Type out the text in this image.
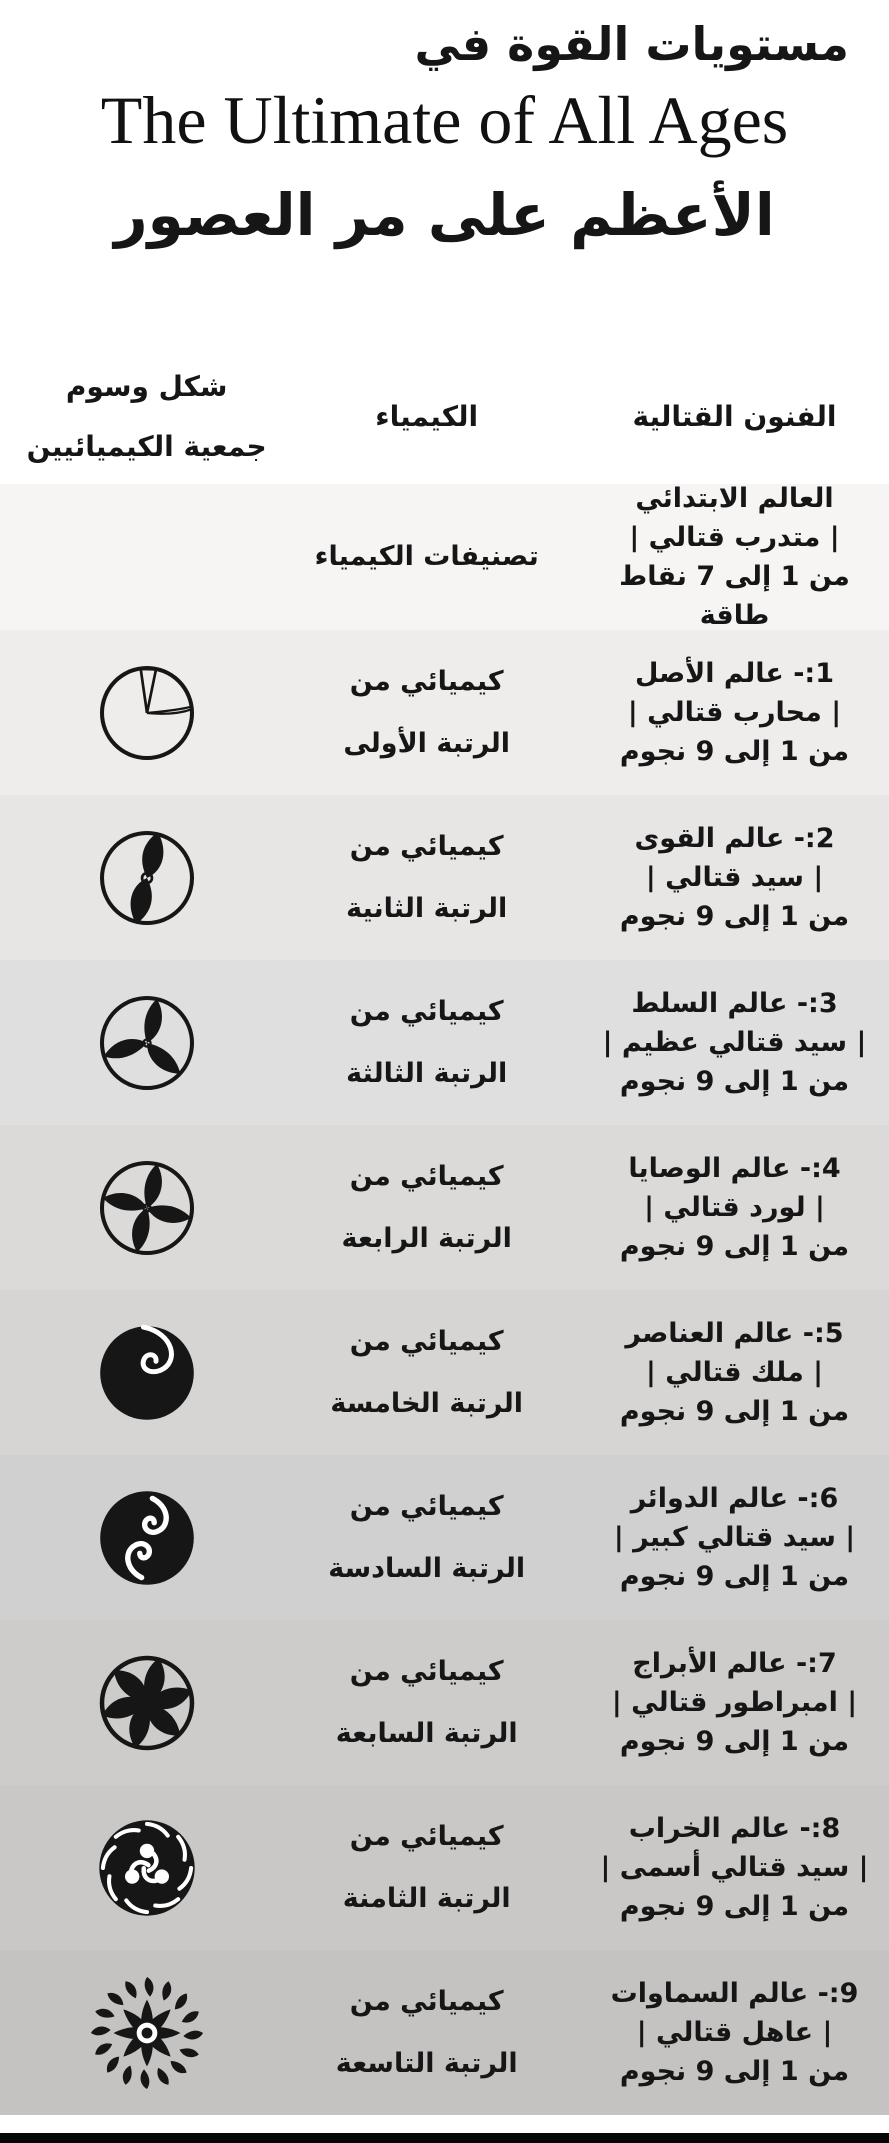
مستويات القوة في
The Ultimate of All Ages
الأعظم على مر العصور
شكل وسوم
جمعية الكيميائيين
الكيمياء	الفنون القتالية
تصنيفات الكيمياء
العالم الابتدائي
| متدرب قتالي |
من 1 إلى 7 نقاط طاقة
كيميائي من
الرتبة الأولى
1:- عالم الأصل
| محارب قتالي |
من 1 إلى 9 نجوم
كيميائي من
الرتبة الثانية
2:- عالم القوى
| سيد قتالي |
من 1 إلى 9 نجوم
كيميائي من
الرتبة الثالثة
3:- عالم السلط
| سيد قتالي عظيم |
من 1 إلى 9 نجوم
كيميائي من
الرتبة الرابعة
4:- عالم الوصايا
| لورد قتالي |
من 1 إلى 9 نجوم
كيميائي من
الرتبة الخامسة
5:- عالم العناصر
| ملك قتالي |
من 1 إلى 9 نجوم
كيميائي من
الرتبة السادسة
6:- عالم الدوائر
| سيد قتالي كبير |
من 1 إلى 9 نجوم
كيميائي من
الرتبة السابعة
7:- عالم الأبراج
| امبراطور قتالي |
من 1 إلى 9 نجوم
كيميائي من
الرتبة الثامنة
8:- عالم الخراب
| سيد قتالي أسمى |
من 1 إلى 9 نجوم
كيميائي من
الرتبة التاسعة
9:- عالم السماوات
| عاهل قتالي |
من 1 إلى 9 نجوم
